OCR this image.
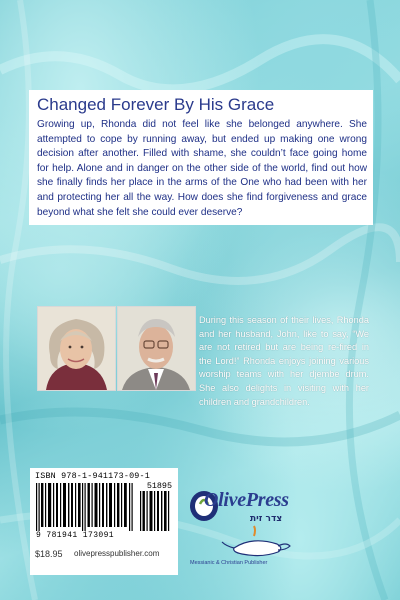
Changed Forever By His Grace

Growing up, Rhonda did not feel like she belonged anywhere. She attempted to cope by running away, but ended up making one wrong decision after another. Filled with shame, she couldn’t face going home for help. Alone and in danger on the other side of the world, find out how she finally finds her place in the arms of the One who had been with her and protecting her all the way. How does she find forgiveness and grace beyond what she felt she could ever deserve?

During this season of their lives, Rhonda and her husband, John, like to say, “We are not retired but are being re-fired in the Lord!” Rhonda enjoys joining various worship teams with her djembe drum. She also delights in visiting with her children and grandchildren.

ISBN 978-1-941173-09-1
51895
9 781941 173091
$18.95 olivepresspublisher.com
OlivePress
צדר זית
Messianic & Christian Publisher
